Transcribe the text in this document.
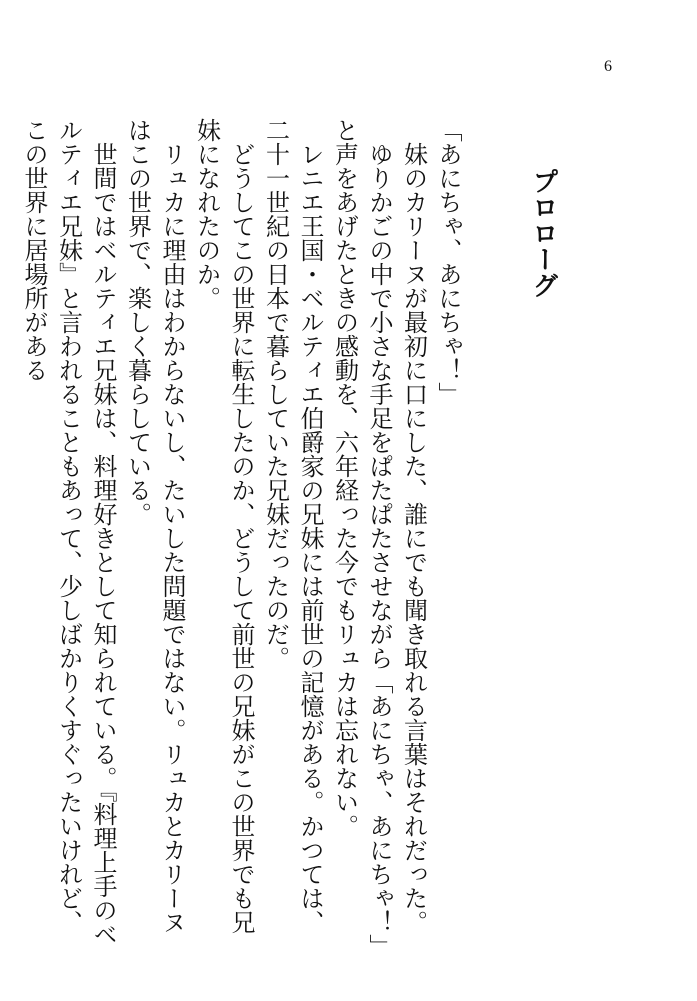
6
プロローグ

「あにちゃ、あにちゃ！」

　妹のカリーヌが最初に口にした、誰にでも聞き取れる言葉はそれだった。

　ゆりかごの中で小さな手足をぱたぱたさせながら「あにちゃ、あにちゃ！」と声をあげたときの感動を、六年経った今でもリュカは忘れない。

　レニエ王国・ベルティエ伯爵家の兄妹には前世の記憶がある。かつては、二十一世紀の日本で暮らしていた兄妹だったのだ。

　どうしてこの世界に転生したのか、どうして前世の兄妹がこの世界でも兄妹になれたのか。

　リュカに理由はわからないし、たいした問題ではない。リュカとカリーヌはこの世界で、楽しく暮らしている。

　世間ではベルティエ兄妹は、料理好きとして知られている。『料理上手のベルティエ兄妹』と言われることもあって、少しばかりくすぐったいけれど、この世界に居場所がある
